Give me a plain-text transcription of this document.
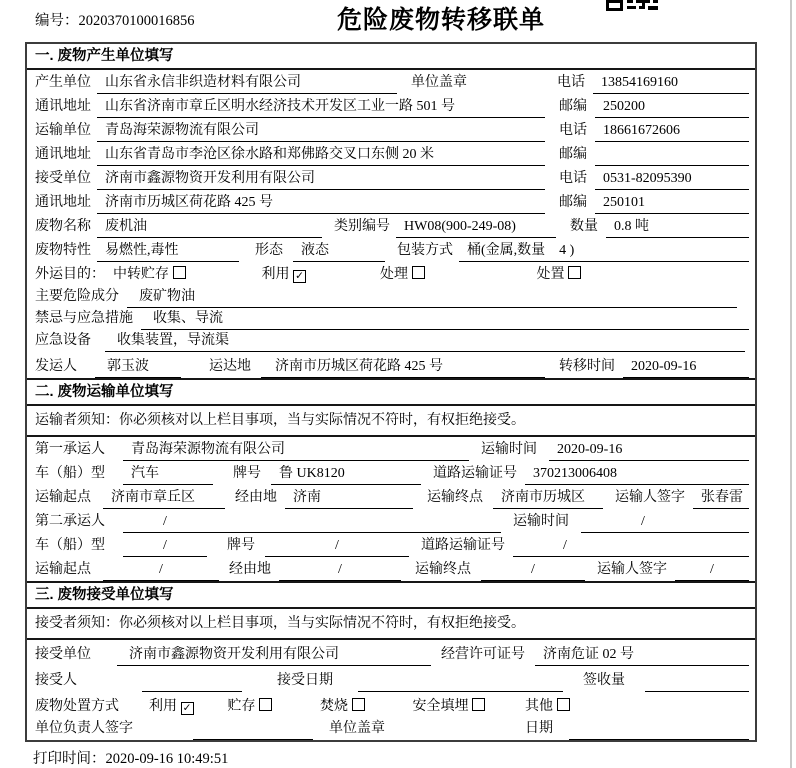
编号：2020370100016856	危险废物转移联单
一. 废物产生单位填写
产生单位	山东省永信非织造材料有限公司	单位盖章	电话	13854169160
通讯地址	山东省济南市章丘区明水经济技术开发区工业一路 501 号	邮编	250200
运输单位	青岛海荣源物流有限公司	电话	18661672606
通讯地址	山东省青岛市李沧区徐水路和郑佛路交叉口东侧 20 米	邮编
接受单位	济南市鑫源物资开发利用有限公司	电话	0531-82095390
通讯地址	济南市历城区荷花路 425 号	邮编	250101
废物名称	废机油	类别编号	HW08(900-249-08)	数量	0.8 吨
废物特性	易燃性,毒性	形态	液态	包装方式	桶(金属,数量　4 )
外运目的： 中转贮存	利用 ✓	处理	处置
主要危险成分	废矿物油
禁忌与应急措施	收集、导流
应急设备	收集装置，导流渠
发运人	郭玉波	运达地	济南市历城区荷花路 425 号	转移时间	2020-09-16
二. 废物运输单位填写
运输者须知：你必须核对以上栏目事项，当与实际情况不符时，有权拒绝接受。
第一承运人	青岛海荣源物流有限公司	运输时间	2020-09-16
车（船）型	汽车	牌号	鲁 UK8120	道路运输证号	370213006408
运输起点	济南市章丘区	经由地	济南	运输终点	济南市历城区	运输人签字	张春雷
第二承运人	/	运输时间	/
车（船）型	/	牌号	/	道路运输证号	/
运输起点	/	经由地	/	运输终点	/	运输人签字	/
三. 废物接受单位填写
接受者须知：你必须核对以上栏目事项，当与实际情况不符时，有权拒绝接受。
接受单位	济南市鑫源物资开发利用有限公司	经营许可证号	济南危证 02 号
接受人	接受日期	签收量
废物处置方式 利用 ✓	贮存	焚烧	安全填埋	其他
单位负责人签字	单位盖章	日期
打印时间：2020-09-16 10:49:51
